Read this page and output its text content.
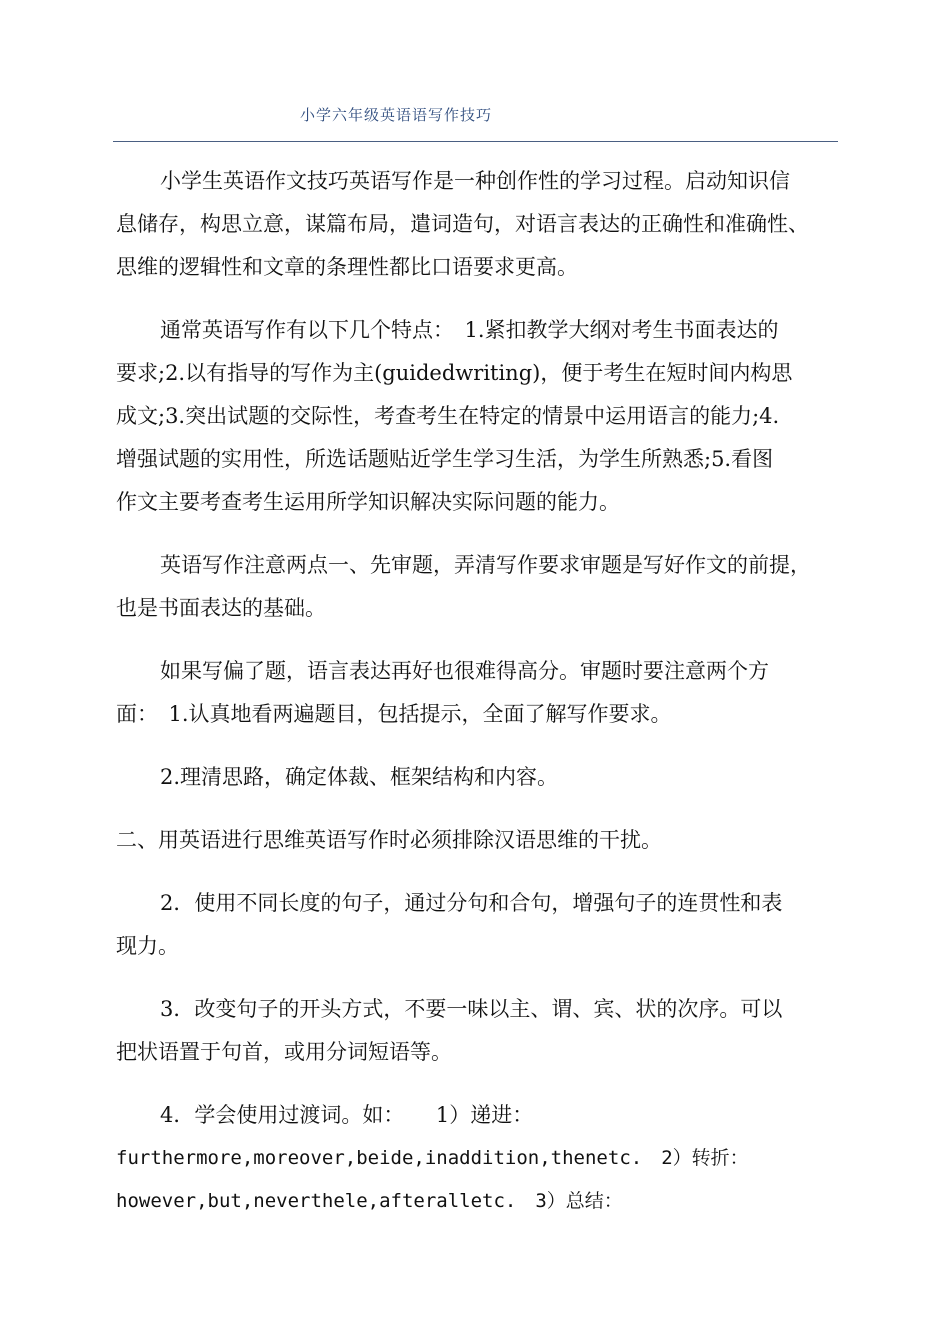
小学六年级英语语写作技巧

小学生英语作文技巧英语写作是一种创作性的学习过程。启动知识信
息储存，构思立意，谋篇布局，遣词造句，对语言表达的正确性和准确性、
思维的逻辑性和文章的条理性都比口语要求更高。

通常英语写作有以下几个特点：　1.紧扣教学大纲对考生书面表达的
要求;2.以有指导的写作为主(guidedwriting)，便于考生在短时间内构思
成文;3.突出试题的交际性，考查考生在特定的情景中运用语言的能力;4.
增强试题的实用性，所选话题贴近学生学习生活，为学生所熟悉;5.看图
作文主要考查考生运用所学知识解决实际问题的能力。

英语写作注意两点一、先审题，弄清写作要求审题是写好作文的前提，
也是书面表达的基础。

如果写偏了题，语言表达再好也很难得高分。审题时要注意两个方
面：　1.认真地看两遍题目，包括提示，全面了解写作要求。

2.理清思路，确定体裁、框架结构和内容。

二、用英语进行思维英语写作时必须排除汉语思维的干扰。

2．使用不同长度的句子，通过分句和合句，增强句子的连贯性和表
现力。

3．改变句子的开头方式，不要一味以主、谓、宾、状的次序。可以
把状语置于句首，或用分词短语等。

4．学会使用过渡词。如：　　1）递进：
furthermore,moreover,beide,inaddition,thenetc.　2）转折：
however,but,neverthele,afteralletc.　3）总结：
